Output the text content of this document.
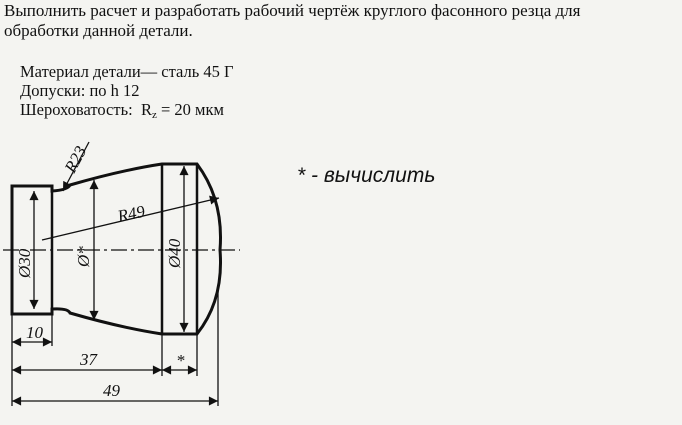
Выполнить расчет и разработать рабочий чертёж круглого фасонного резца для
обработки данной детали.
Материал детали— сталь 45 Г
Допуски: по h 12
Шероховатость: $R_z = 20$ мкм
* - вычислить
R23
R49
Ø30 Ø*	Ø40
10
37	*
49
